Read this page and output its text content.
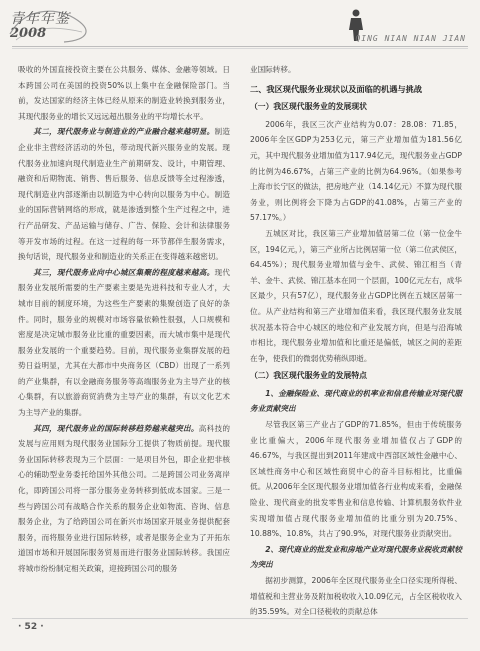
青年年鉴
2008	QING NIAN NIAN JIAN

吸收的外国直接投资主要在公共服务、媒体、金融等领域。日本跨国公司在美国的投资50%以上集中在金融保险部门。当前，发达国家的经济主体已经从原来的制造业转换到服务业，其现代服务业的增长又远远超出服务业的平均增长水平。

其二，现代服务业与制造业的产业融合越来越明显。制造企业非主营经济活动的外包，带动现代新兴服务业的发展。现代服务业加速向现代制造业生产前期研发、设计，中期管理、融资和后期物流、销售、售后服务、信息反馈等全过程渗透，现代制造业内部逐渐由以制造为中心转向以服务为中心。制造业的国际营销网络的形成，就是渗透到整个生产过程之中，进行产品研发、产品运输与储存、广告、保险、会计和法律服务等开发市场的过程。在这一过程的每一环节都伴生服务需求，换句话说，现代服务业和制造业的关系正在变得越来越密切。

其三，现代服务业向中心城区集聚的程度越来越高。现代服务业发展所需要的生产要素主要是先进科技和专业人才，大城市目前的制度环境，为这些生产要素的集聚创造了良好的条件。同时，服务业的规模对市场容量依赖性很强，人口规模和密度是决定城市服务业比重的重要因素，而大城市集中是现代服务业发展的一个重要趋势。目前，现代服务业集群发展的趋势日益明显，尤其在大都市中央商务区（CBD）出现了一系列的产业集群，有以金融商务服务等高端服务业为主导产业的核心集群，有以旅游商贸消费为主导产业的集群，有以文化艺术为主导产业的集群。

其四，现代服务业的国际转移趋势越来越突出。高科技的发展与应用则为现代服务业国际分工提供了物质前提。现代服务业国际转移表现为三个层面：一是项目外包，即企业把非核心的辅助型业务委托给国外其他公司。二是跨国公司业务离岸化，即跨国公司将一部分服务业务转移到低成本国家。三是一些与跨国公司有战略合作关系的服务企业如物流、咨询、信息服务企业，为了给跨国公司在新兴市场国家开展业务提供配套服务，而将服务业进行国际转移，或者是服务企业为了开拓东道国市场和开展国际服务贸易而进行服务业国际转移。我国应将城市纷纷制定相关政策，迎接跨国公司的服务

业国际转移。

二、我区现代服务业现状以及面临的机遇与挑战
（一）我区现代服务业的发展现状

2006年，我区三次产业结构为0.07：28.08：71.85，2006年全区GDP为253亿元，第三产业增加值为181.56亿元，其中现代服务业增加值为117.94亿元，现代服务业占GDP的比例为46.67%，占第三产业的比例为64.96%。（如果参考上海市长宁区的做法，把房地产业（14.14亿元）不算为现代服务业，则比例将会下降为占GDP的41.08%，占第三产业的57.17%。）

五城区对比，我区第三产业增加值居第二位（第一位金牛区，194亿元，），第三产业所占比例居第一位（第二位武侯区，64.45%）；现代服务业增加值与金牛、武侯、锦江相当（青羊、金牛、武侯、锦江基本在同一个层面，100亿元左右，成华区最少，只有57亿），现代服务业占GDP比例在五城区居第一位。从产业结构和第三产业增加值来看，我区现代服务业发展状况基本符合中心城区的地位和产业发展方向，但是与沿海城市相比，现代服务业增加值和比重还是偏低，城区之间的差距在争，使我们的微弱优势稍纵即逝。

（二）我区现代服务业的发展特点

1、金融保险业、现代商业的机率业和信息传输业对现代服务业贡献突出

尽管我区第三产业占了GDP的71.85%，但由于传统服务业比重偏大，2006年现代服务业增加值仅占了GDP的46.67%，与我区提出到2011年建成中西部区域性金融中心、区域性商务中心和区域性商贸中心的奋斗目标相比，比重偏低。从2006年全区现代服务业增加值各行业构成来看，金融保险业、现代商业的批发零售业和信息传输、计算机服务软件业实现增加值占现代服务业增加值的比重分别为20.75%、10.88%、10.8%，共占了90.9%，对现代服务业贡献突出。

2、现代商业的批发业和房地产业对现代服务业税收贡献较为突出

据初步测算，2006年全区现代服务业全口径实现所得税、增值税和主营业务及附加税收收入10.09亿元，占全区税收收入的35.59%。对全口径税收的贡献总体

· 52 ·
